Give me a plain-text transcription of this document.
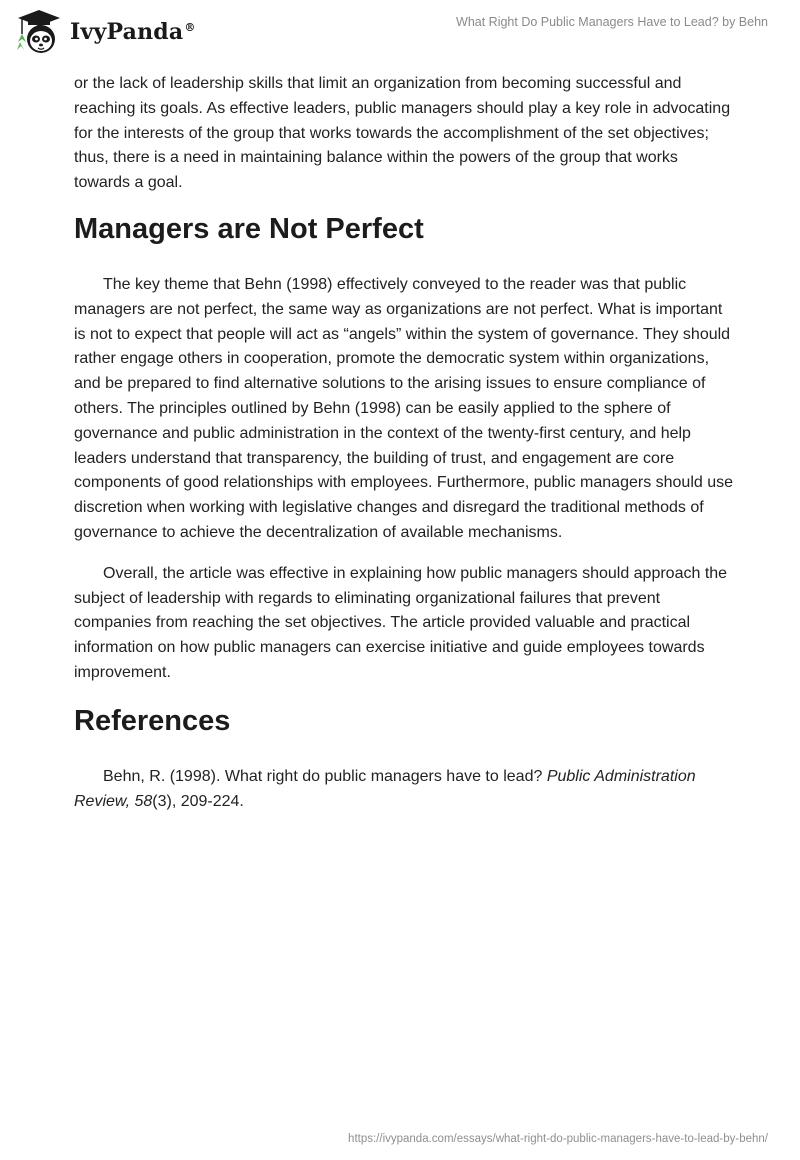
IvyPanda®	What Right Do Public Managers Have to Lead? by Behn

or the lack of leadership skills that limit an organization from becoming successful and reaching its goals. As effective leaders, public managers should play a key role in advocating for the interests of the group that works towards the accomplishment of the set objectives; thus, there is a need in maintaining balance within the powers of the group that works towards a goal.

Managers are Not Perfect

The key theme that Behn (1998) effectively conveyed to the reader was that public managers are not perfect, the same way as organizations are not perfect. What is important is not to expect that people will act as “angels” within the system of governance. They should rather engage others in cooperation, promote the democratic system within organizations, and be prepared to find alternative solutions to the arising issues to ensure compliance of others. The principles outlined by Behn (1998) can be easily applied to the sphere of governance and public administration in the context of the twenty-first century, and help leaders understand that transparency, the building of trust, and engagement are core components of good relationships with employees. Furthermore, public managers should use discretion when working with legislative changes and disregard the traditional methods of governance to achieve the decentralization of available mechanisms.

Overall, the article was effective in explaining how public managers should approach the subject of leadership with regards to eliminating organizational failures that prevent companies from reaching the set objectives. The article provided valuable and practical information on how public managers can exercise initiative and guide employees towards improvement.

References

Behn, R. (1998). What right do public managers have to lead? Public Administration Review, 58(3), 209-224.

https://ivypanda.com/essays/what-right-do-public-managers-have-to-lead-by-behn/
